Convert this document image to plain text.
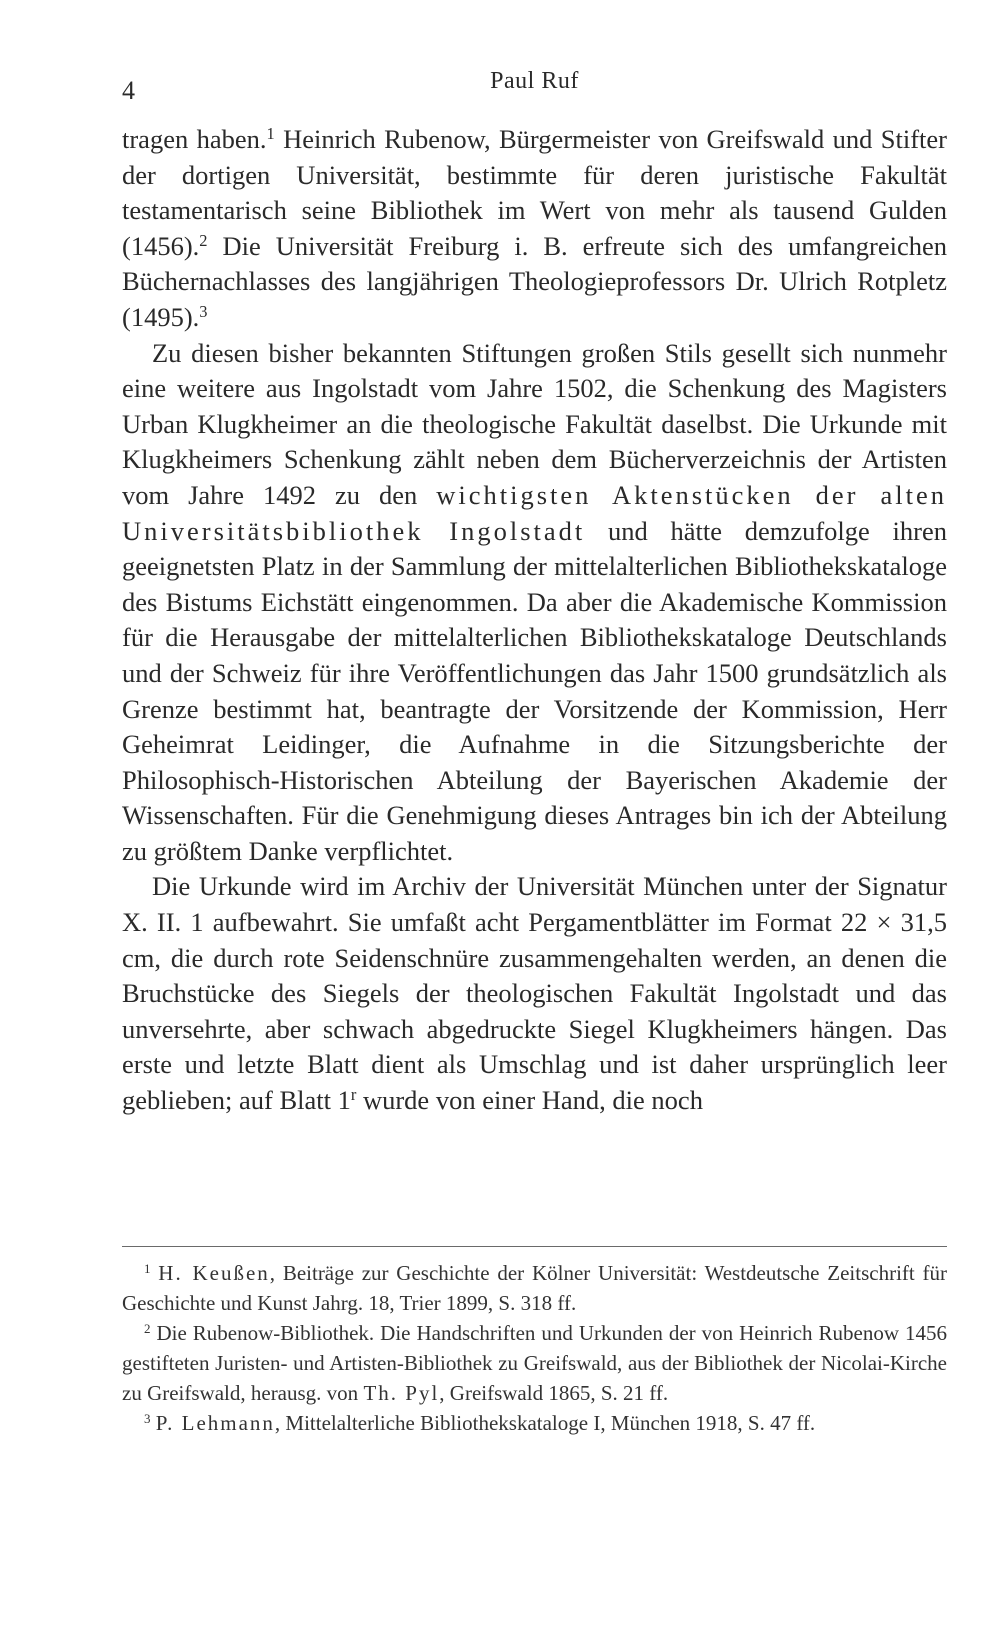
4	Paul Ruf

tragen haben.$^1$ Heinrich Rubenow, Bürgermeister von Greifswald und Stifter der dortigen Universität, bestimmte für deren juristische Fakultät testamentarisch seine Bibliothek im Wert von mehr als tausend Gulden (1456).$^2$ Die Universität Freiburg i. B. erfreute sich des umfangreichen Büchernachlasses des langjährigen Theologieprofessors Dr. Ulrich Rotpletz (1495).$^3$

Zu diesen bisher bekannten Stiftungen großen Stils gesellt sich nunmehr eine weitere aus Ingolstadt vom Jahre 1502, die Schenkung des Magisters Urban Klugkheimer an die theologische Fakultät daselbst. Die Urkunde mit Klugkheimers Schenkung zählt neben dem Bücherverzeichnis der Artisten vom Jahre 1492 zu den wichtigsten Aktenstücken der alten Universitätsbibliothek Ingolstadt und hätte demzufolge ihren geeignetsten Platz in der Sammlung der mittelalterlichen Bibliothekskataloge des Bistums Eichstätt eingenommen. Da aber die Akademische Kommission für die Herausgabe der mittelalterlichen Bibliothekskataloge Deutschlands und der Schweiz für ihre Veröffentlichungen das Jahr 1500 grundsätzlich als Grenze bestimmt hat, beantragte der Vorsitzende der Kommission, Herr Geheimrat Leidinger, die Aufnahme in die Sitzungsberichte der Philosophisch-Historischen Abteilung der Bayerischen Akademie der Wissenschaften. Für die Genehmigung dieses Antrages bin ich der Abteilung zu größtem Danke verpflichtet.

Die Urkunde wird im Archiv der Universität München unter der Signatur X. II. 1 aufbewahrt. Sie umfaßt acht Pergamentblätter im Format 22 × 31,5 cm, die durch rote Seidenschnüre zusammengehalten werden, an denen die Bruchstücke des Siegels der theologischen Fakultät Ingolstadt und das unversehrte, aber schwach abgedruckte Siegel Klugkheimers hängen. Das erste und letzte Blatt dient als Umschlag und ist daher ursprünglich leer geblieben; auf Blatt 1$^r$ wurde von einer Hand, die noch

$^1$ H. Keußen, Beiträge zur Geschichte der Kölner Universität: Westdeutsche Zeitschrift für Geschichte und Kunst Jahrg. 18, Trier 1899, S. 318 ff.

$^2$ Die Rubenow-Bibliothek. Die Handschriften und Urkunden der von Heinrich Rubenow 1456 gestifteten Juristen- und Artisten-Bibliothek zu Greifswald, aus der Bibliothek der Nicolai-Kirche zu Greifswald, herausg. von Th. Pyl, Greifswald 1865, S. 21 ff.

$^3$ P. Lehmann, Mittelalterliche Bibliothekskataloge I, München 1918, S. 47 ff.
